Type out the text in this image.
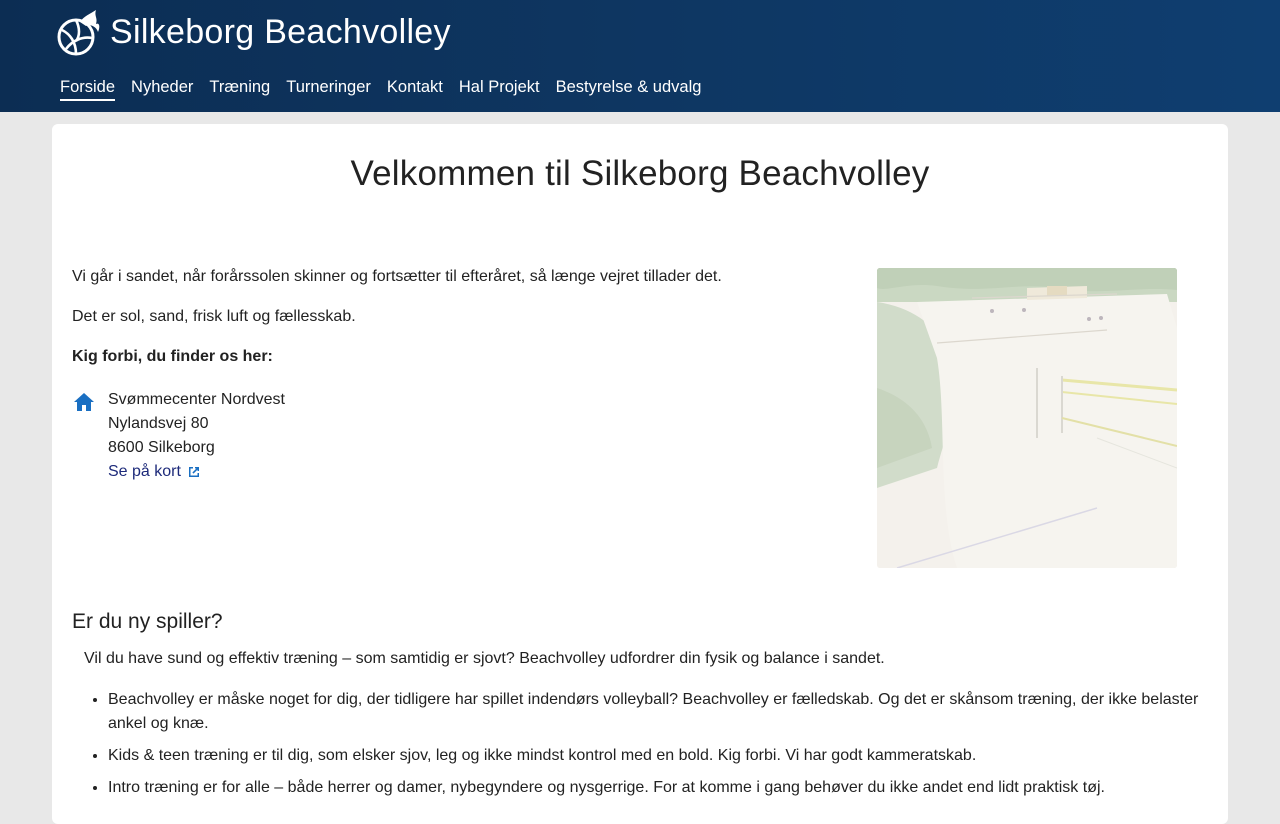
Silkeborg Beachvolley
Forside Nyheder Træning Turneringer Kontakt Hal Projekt Bestyrelse & udvalg
Velkommen til Silkeborg Beachvolley

Vi går i sandet, når forårssolen skinner og fortsætter til efteråret, så længe vejret tillader det.

Det er sol, sand, frisk luft og fællesskab.

Kig forbi, du finder os her:

Svømmecenter Nordvest
Nylandsvej 80
8600 Silkeborg
Se på kort
Er du ny spiller?

Vil du have sund og effektiv træning – som samtidig er sjovt? Beachvolley udfordrer din fysik og balance i sandet.

• Beachvolley er måske noget for dig, der tidligere har spillet indendørs volleyball? Beachvolley er fælledskab. Og det er skånsom træning, der ikke belaster ankel og knæ.
• Kids & teen træning er til dig, som elsker sjov, leg og ikke mindst kontrol med en bold. Kig forbi. Vi har godt kammeratskab.
• Intro træning er for alle – både herrer og damer, nybegyndere og nysgerrige. For at komme i gang behøver du ikke andet end lidt praktisk tøj.
